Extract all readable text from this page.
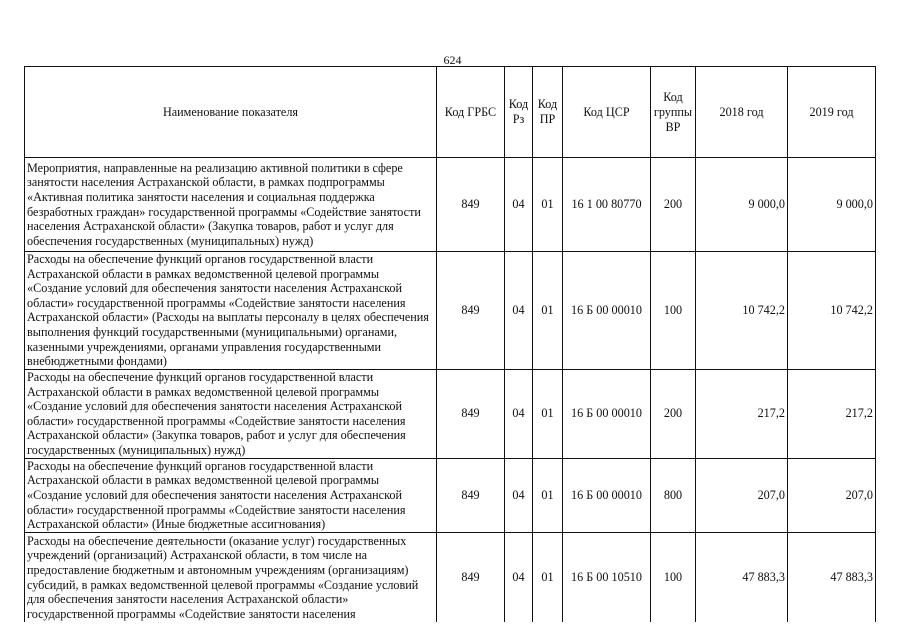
624
Наименование показателя	Код ГРБС	Код Рз	Код ПР	Код ЦСР	Код группы ВР	2018 год	2019 год
Мероприятия, направленные на реализацию активной политики в сфере занятости населения Астраханской области, в рамках подпрограммы «Активная политика занятости населения и социальная поддержка безработных граждан» государственной программы «Содействие занятости населения Астраханской области» (Закупка товаров, работ и услуг для обеспечения государственных (муниципальных) нужд)	849	04	01	16 1 00 80770	200	9 000,0	9 000,0
Расходы на обеспечение функций органов государственной власти Астраханской области в рамках ведомственной целевой программы «Создание условий для обеспечения занятости населения Астраханской области» государственной программы «Содействие занятости населения Астраханской области» (Расходы на выплаты персоналу в целях обеспечения выполнения функций государственными (муниципальными) органами, казенными учреждениями, органами управления государственными внебюджетными фондами)	849	04	01	16 Б 00 00010	100	10 742,2	10 742,2
Расходы на обеспечение функций органов государственной власти Астраханской области в рамках ведомственной целевой программы «Создание условий для обеспечения занятости населения Астраханской области» государственной программы «Содействие занятости населения Астраханской области» (Закупка товаров, работ и услуг для обеспечения государственных (муниципальных) нужд)	849	04	01	16 Б 00 00010	200	217,2	217,2
Расходы на обеспечение функций органов государственной власти Астраханской области в рамках ведомственной целевой программы «Создание условий для обеспечения занятости населения Астраханской области» государственной программы «Содействие занятости населения Астраханской области» (Иные бюджетные ассигнования)	849	04	01	16 Б 00 00010	800	207,0	207,0
Расходы на обеспечение деятельности (оказание услуг) государственных учреждений (организаций) Астраханской области, в том числе на предоставление бюджетным и автономным учреждениям (организациям) субсидий, в рамках ведомственной целевой программы «Создание условий для обеспечения занятости населения Астраханской области» государственной программы «Содействие занятости населения	849	04	01	16 Б 00 10510	100	47 883,3	47 883,3
